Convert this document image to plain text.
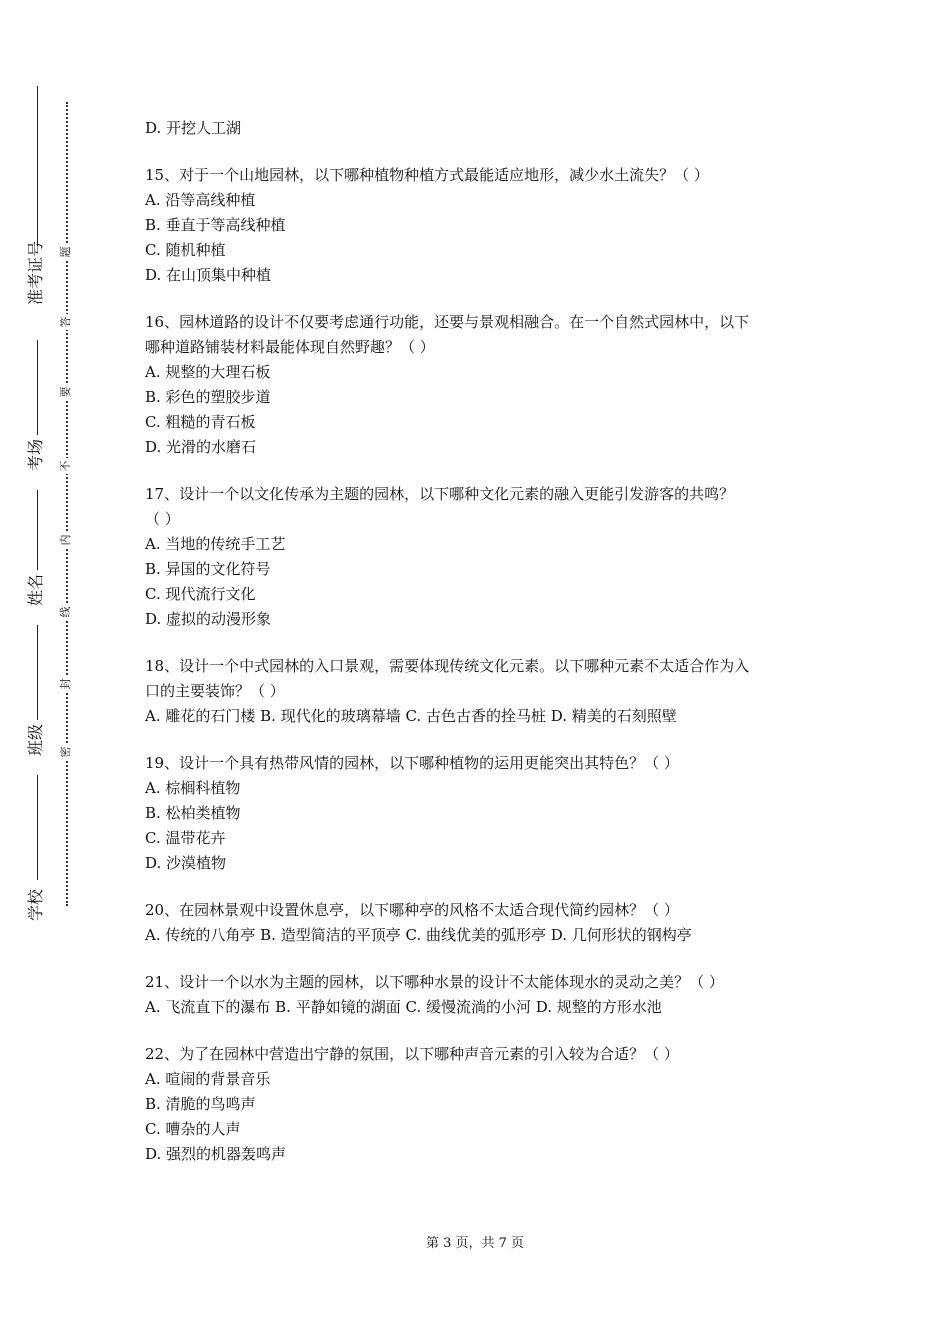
准考证号
考场
姓名
班级
学校
题
答
要
不
内
线
封
密
D. 开挖人工湖
15、对于一个山地园林，以下哪种植物种植方式最能适应地形，减少水土流失？（ ）
A. 沿等高线种植
B. 垂直于等高线种植
C. 随机种植
D. 在山顶集中种植
16、园林道路的设计不仅要考虑通行功能，还要与景观相融合。在一个自然式园林中，以下
哪种道路铺装材料最能体现自然野趣？（ ）
A. 规整的大理石板
B. 彩色的塑胶步道
C. 粗糙的青石板
D. 光滑的水磨石
17、设计一个以文化传承为主题的园林，以下哪种文化元素的融入更能引发游客的共鸣？
（ ）
A. 当地的传统手工艺
B. 异国的文化符号
C. 现代流行文化
D. 虚拟的动漫形象
18、设计一个中式园林的入口景观，需要体现传统文化元素。以下哪种元素不太适合作为入
口的主要装饰？（ ）
A. 雕花的石门楼 B. 现代化的玻璃幕墙 C. 古色古香的拴马桩 D. 精美的石刻照壁
19、设计一个具有热带风情的园林，以下哪种植物的运用更能突出其特色？（ ）
A. 棕榈科植物
B. 松柏类植物
C. 温带花卉
D. 沙漠植物
20、在园林景观中设置休息亭，以下哪种亭的风格不太适合现代简约园林？（ ）
A. 传统的八角亭 B. 造型简洁的平顶亭 C. 曲线优美的弧形亭 D. 几何形状的钢构亭
21、设计一个以水为主题的园林，以下哪种水景的设计不太能体现水的灵动之美？（ ）
A. 飞流直下的瀑布 B. 平静如镜的湖面 C. 缓慢流淌的小河 D. 规整的方形水池
22、为了在园林中营造出宁静的氛围，以下哪种声音元素的引入较为合适？（ ）
A. 喧闹的背景音乐
B. 清脆的鸟鸣声
C. 嘈杂的人声
D. 强烈的机器轰鸣声
第 3 页，共 7 页
